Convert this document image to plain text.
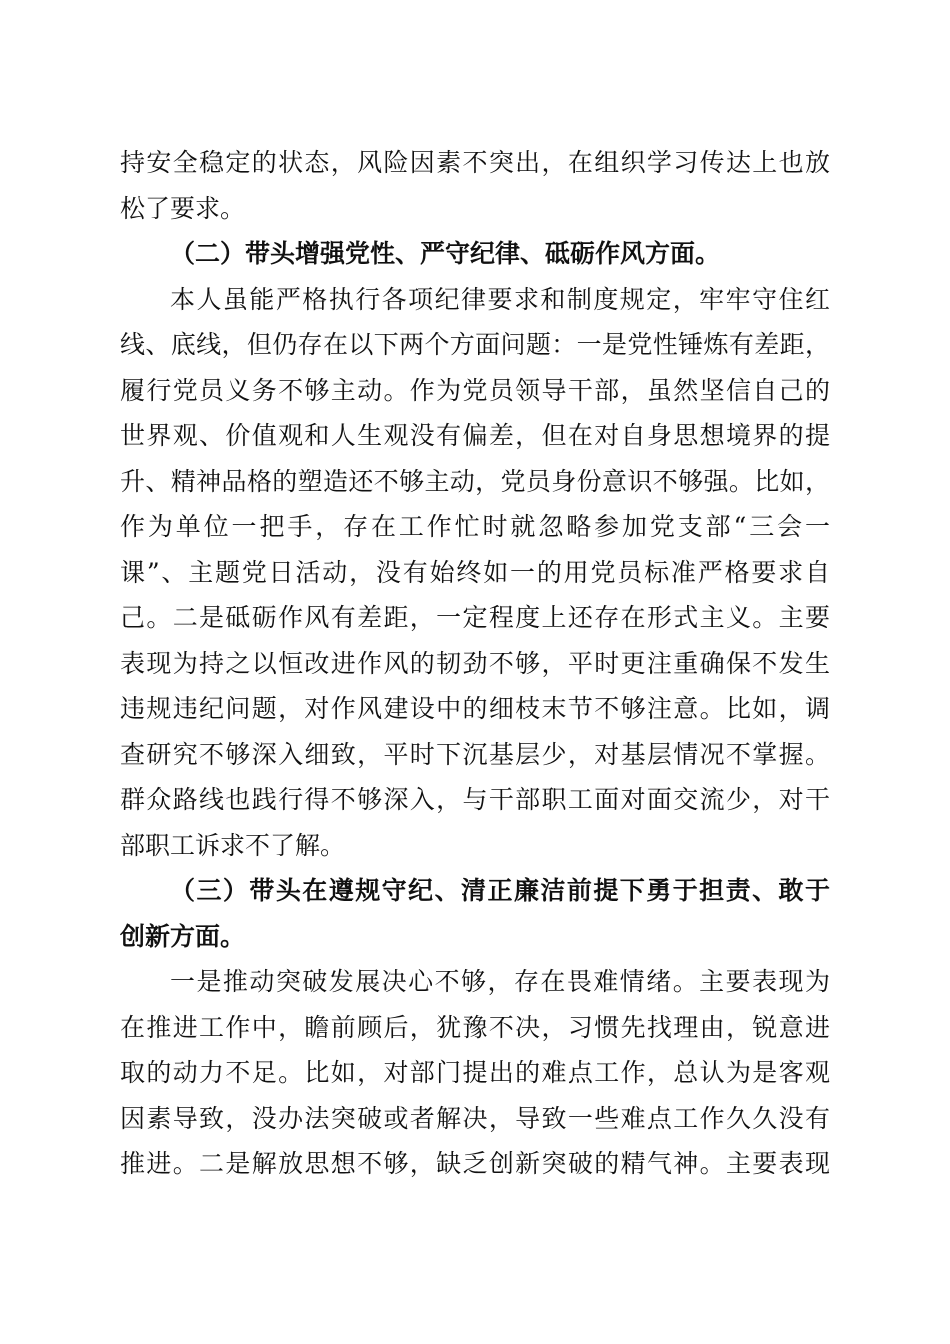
持安全稳定的状态，风险因素不突出，在组织学习传达上也放
松了要求。
（二）带头增强党性、严守纪律、砥砺作风方面。
本人虽能严格执行各项纪律要求和制度规定，牢牢守住红
线、底线，但仍存在以下两个方面问题：一是党性锤炼有差距，
履行党员义务不够主动。作为党员领导干部，虽然坚信自己的
世界观、价值观和人生观没有偏差，但在对自身思想境界的提
升、精神品格的塑造还不够主动，党员身份意识不够强。比如，
作为单位一把手，存在工作忙时就忽略参加党支部“三会一
课”、主题党日活动，没有始终如一的用党员标准严格要求自
己。二是砥砺作风有差距，一定程度上还存在形式主义。主要
表现为持之以恒改进作风的韧劲不够，平时更注重确保不发生
违规违纪问题，对作风建设中的细枝末节不够注意。比如，调
查研究不够深入细致，平时下沉基层少，对基层情况不掌握。
群众路线也践行得不够深入，与干部职工面对面交流少，对干
部职工诉求不了解。
（三）带头在遵规守纪、清正廉洁前提下勇于担责、敢于
创新方面。
一是推动突破发展决心不够，存在畏难情绪。主要表现为
在推进工作中，瞻前顾后，犹豫不决，习惯先找理由，锐意进
取的动力不足。比如，对部门提出的难点工作，总认为是客观
因素导致，没办法突破或者解决，导致一些难点工作久久没有
推进。二是解放思想不够，缺乏创新突破的精气神。主要表现
